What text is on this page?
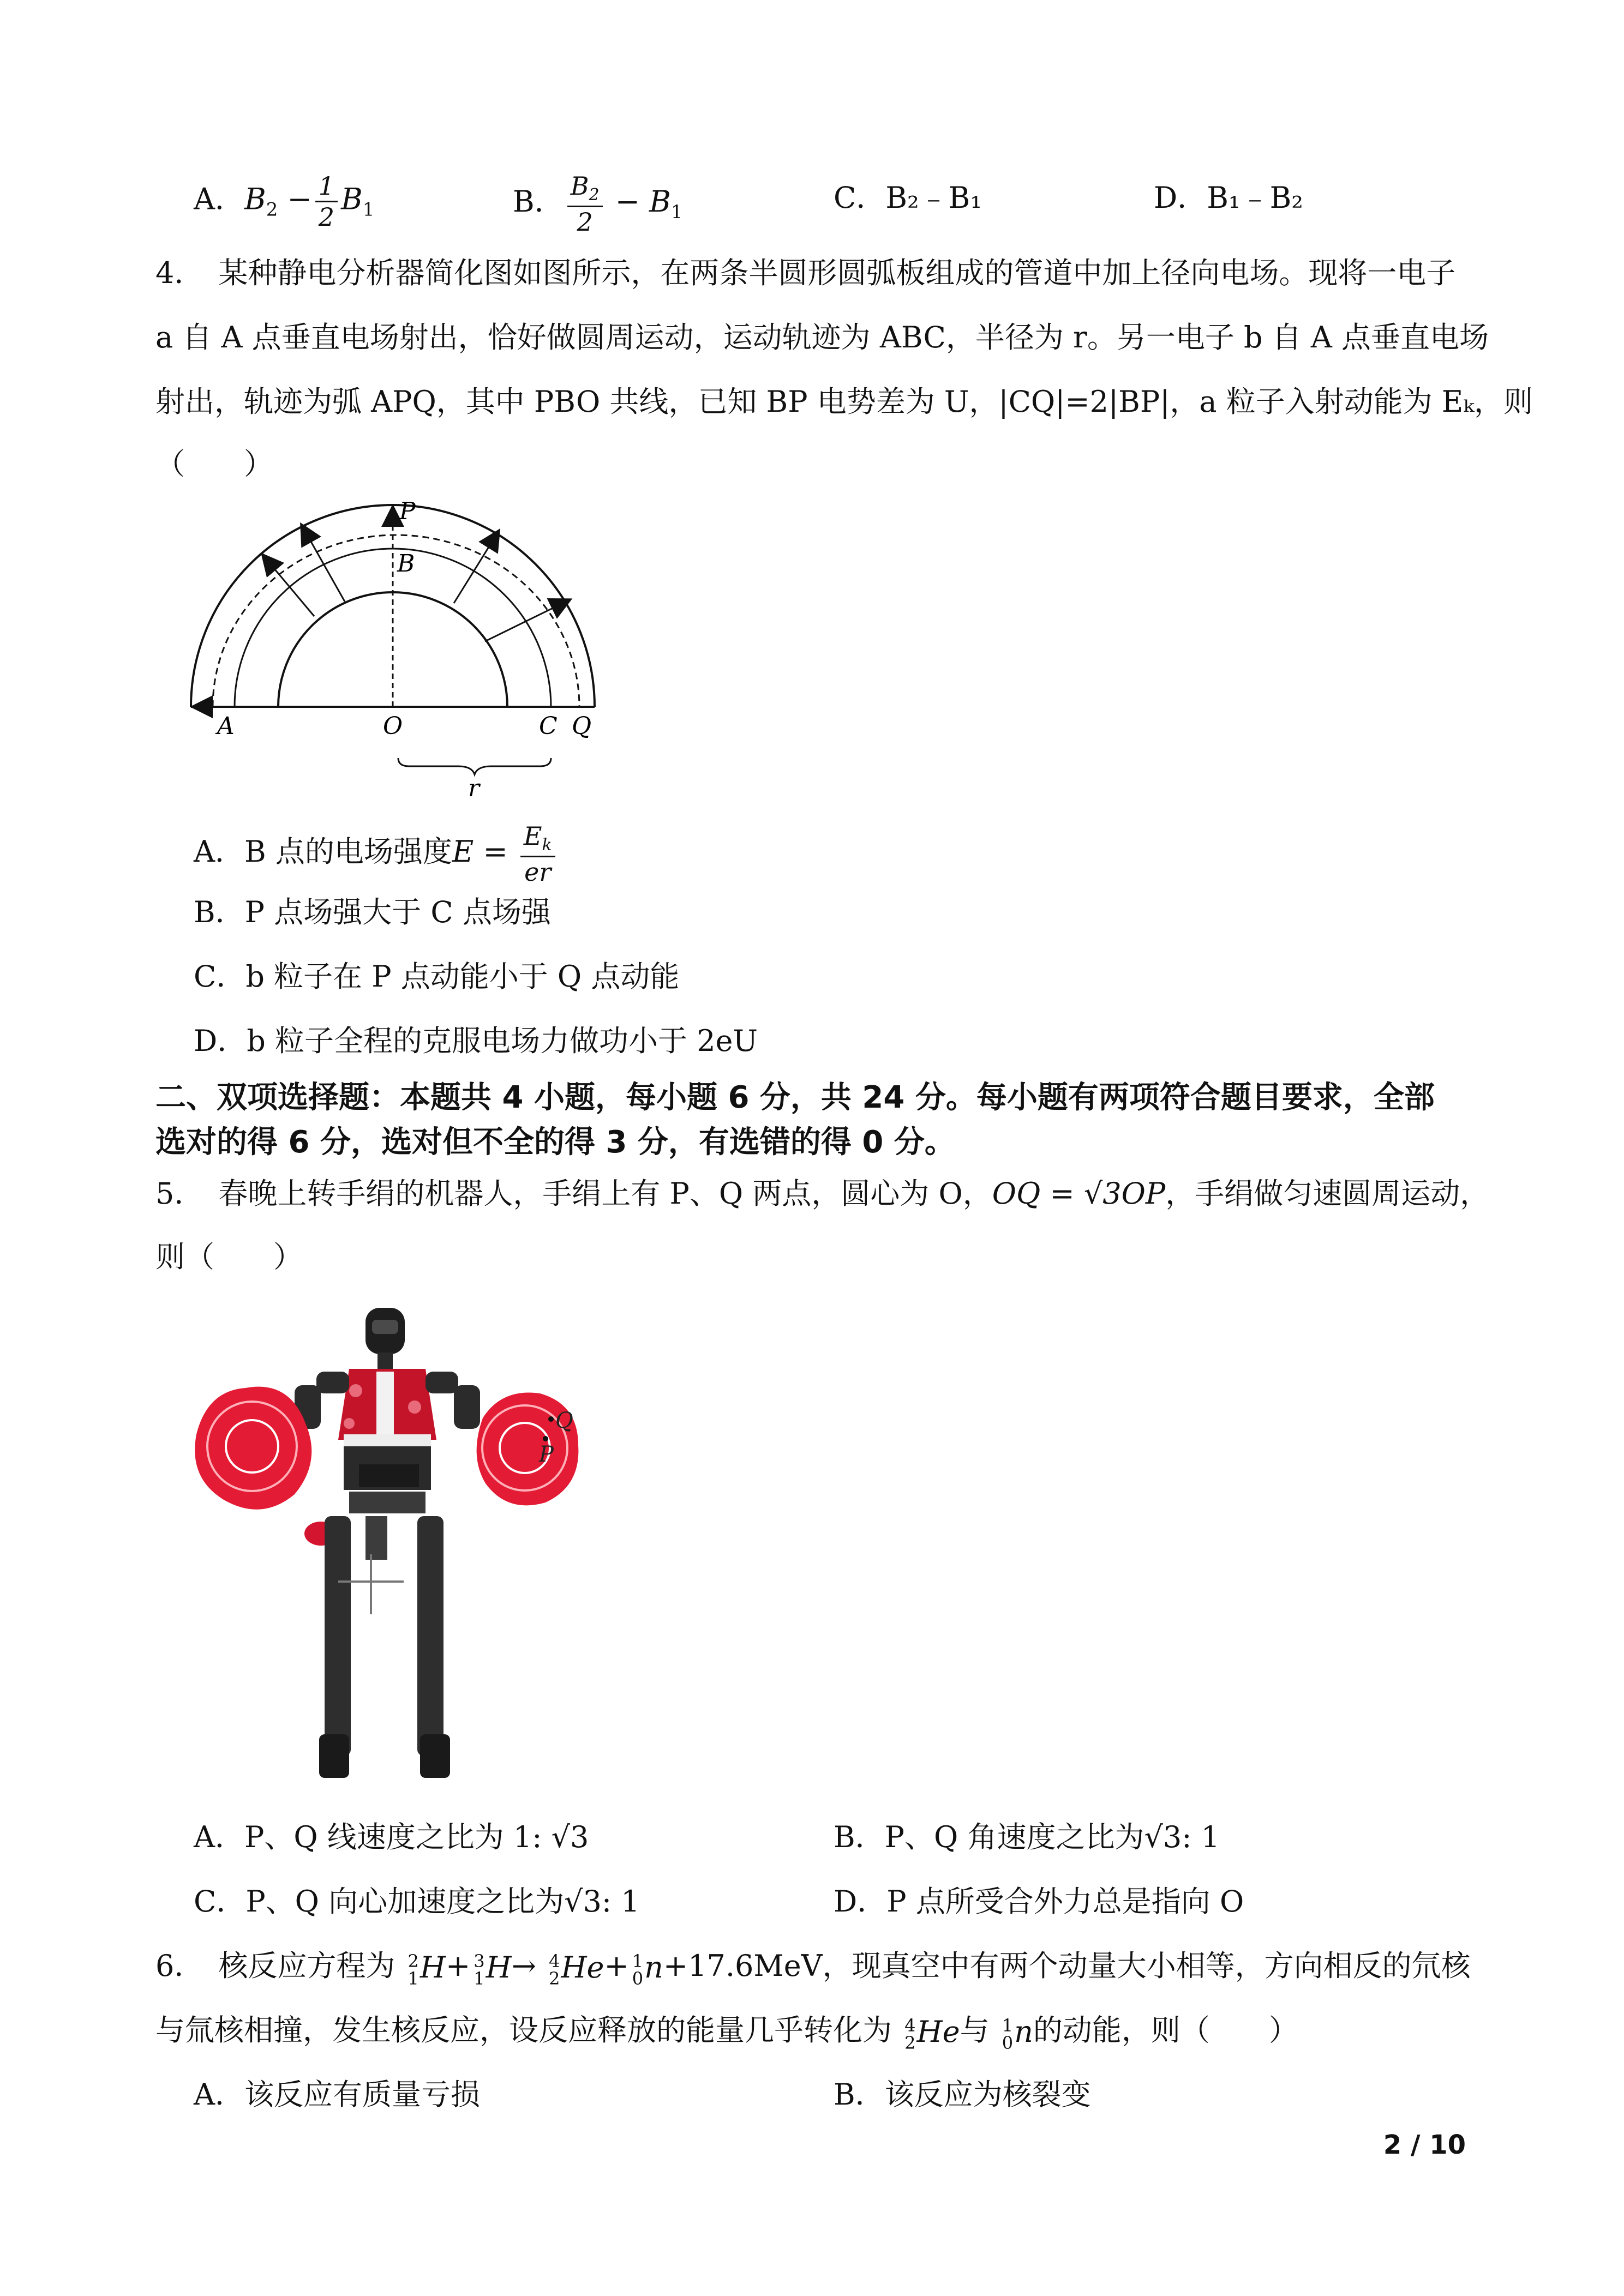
A．$B_2 - \frac{1}{2} B_1$	B． $\frac{B_2}{2} - B_1$	C．B₂﹣B₁	D．B₁﹣B₂
4．　某种静电分析器简化图如图所示，在两条半圆形圆弧板组成的管道中加上径向电场。现将一电子
a 自 A 点垂直电场射出，恰好做圆周运动，运动轨迹为 ABC，半径为 r。另一电子 b 自 A 点垂直电场
射出，轨迹为弧 APQ，其中 PBO 共线，已知 BP 电势差为 U，|CQ|=2|BP|，a 粒子入射动能为 Eₖ，则
（　　）
P
B
A	O	C Q
r
A．B 点的电场强度$E = \frac{E_k}{er}$
B．P 点场强大于 C 点场强
C．b 粒子在 P 点动能小于 Q 点动能
D．b 粒子全程的克服电场力做功小于 2eU
二、双项选择题：本题共 4 小题，每小题 6 分，共 24 分。每小题有两项符合题目要求，全部
选对的得 6 分，选对但不全的得 3 分，有选错的得 0 分。
5．　春晚上转手绢的机器人，手绢上有 P、Q 两点，圆心为 O，OQ = √3OP，手绢做匀速圆周运动，
则（　　）
Q
P
A．P、Q 线速度之比为 1: √3	B．P、Q 角速度之比为√3: 1
C．P、Q 向心加速度之比为√3: 1	D．P 点所受合外力总是指向 O
6．　核反应方程为 2
1 H+ 3
1 H→ 4
2 He+ 1
0 n+17.6MeV，现真空中有两个动量大小相等，方向相反的氘核
与氚核相撞，发生核反应，设反应释放的能量几乎转化为 4
2 He与 1
0 n的动能，则（　　）
A．该反应有质量亏损	B．该反应为核裂变
2 / 10
